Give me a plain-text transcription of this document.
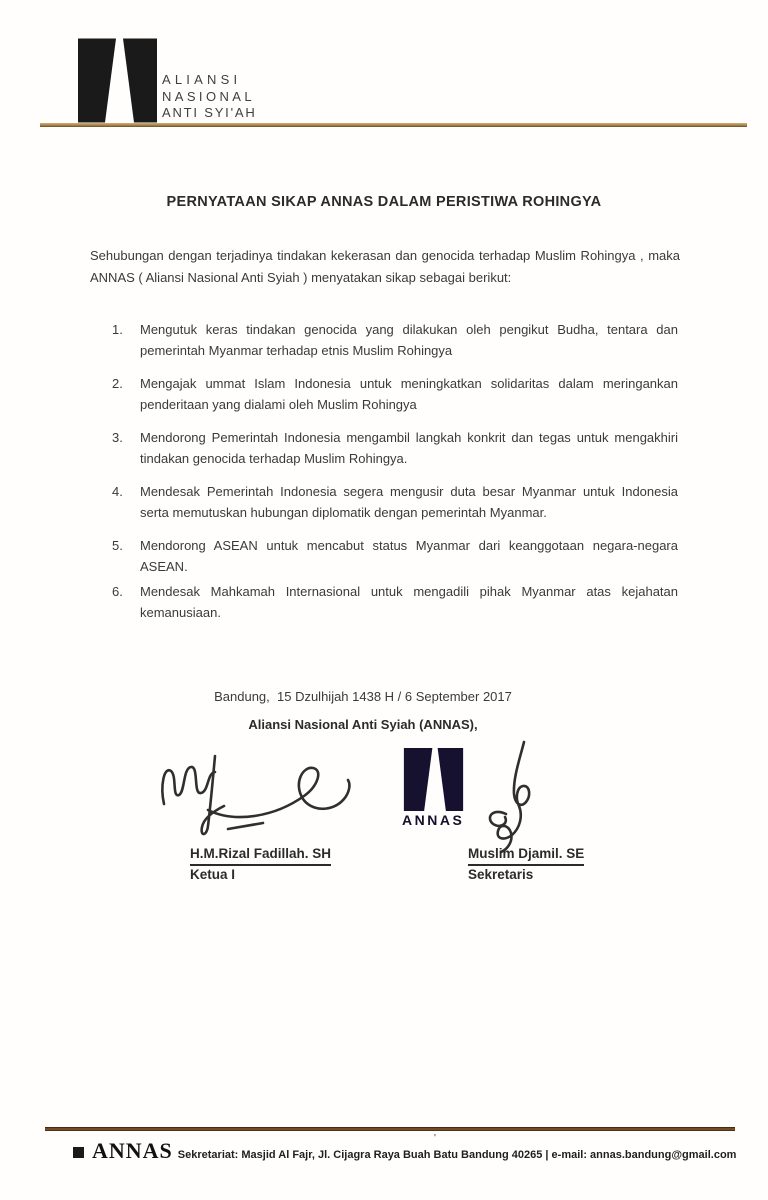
ALIANSI
NASIONAL
ANTI SYI'AH
PERNYATAAN SIKAP ANNAS DALAM PERISTIWA ROHINGYA
Sehubungan dengan terjadinya tindakan kekerasan dan genocida terhadap Muslim Rohingya , maka ANNAS ( Aliansi Nasional Anti Syiah ) menyatakan sikap sebagai berikut:
1. Mengutuk keras tindakan genocida yang dilakukan oleh pengikut Budha, tentara dan pemerintah Myanmar terhadap etnis Muslim Rohingya
2. Mengajak ummat Islam Indonesia untuk meningkatkan solidaritas dalam meringankan penderitaan yang dialami oleh Muslim Rohingya
3. Mendorong Pemerintah Indonesia mengambil langkah konkrit dan tegas untuk mengakhiri tindakan genocida terhadap Muslim Rohingya.
4. Mendesak Pemerintah Indonesia segera mengusir duta besar Myanmar untuk Indonesia serta memutuskan hubungan diplomatik dengan pemerintah Myanmar.
5. Mendorong ASEAN untuk mencabut status Myanmar dari keanggotaan negara-negara ASEAN.
6. Mendesak Mahkamah Internasional untuk mengadili pihak Myanmar atas kejahatan kemanusiaan.
Bandung,  15 Dzulhijah 1438 H / 6 September 2017
Aliansi Nasional Anti Syiah (ANNAS),
ANNAS
H.M.Rizal Fadillah. SH
Ketua I
Muslim Djamil. SE
Sekretaris
'
ANNAS Sekretariat: Masjid Al Fajr, Jl. Cijagra Raya Buah Batu Bandung 40265 | e-mail: annas.bandung@gmail.com
